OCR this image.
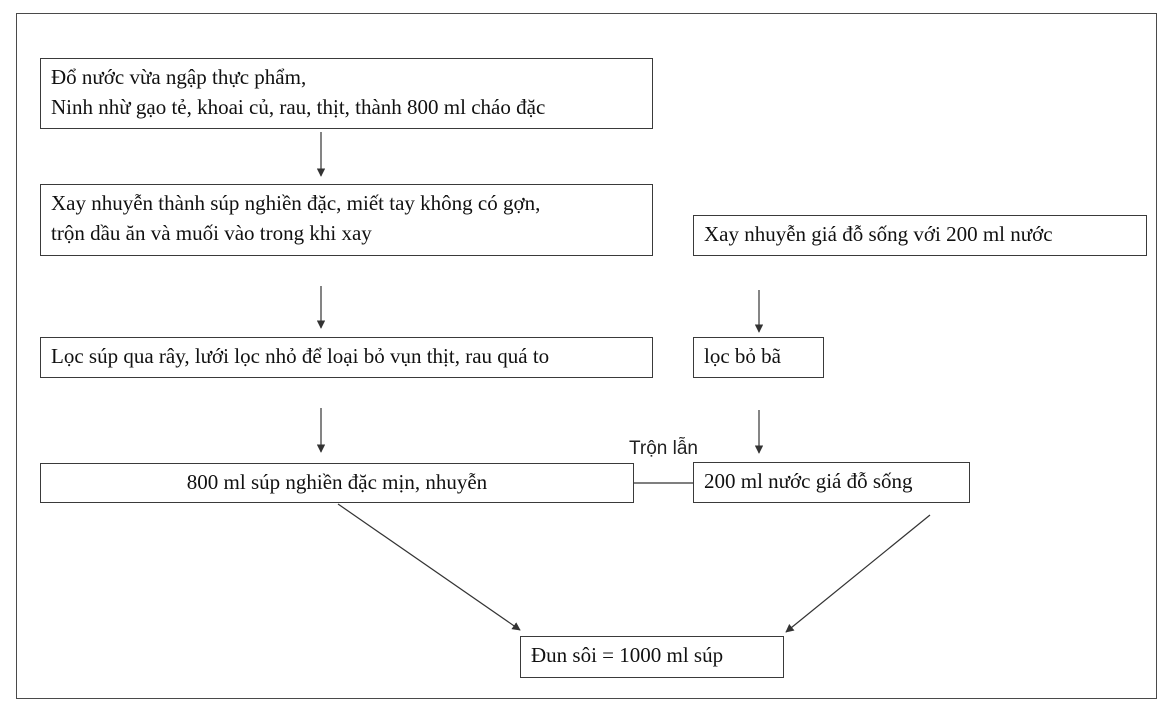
Đổ nước vừa ngập thực phẩm,
Ninh nhừ gạo tẻ, khoai củ, rau, thịt, thành 800 ml cháo đặc
Xay nhuyễn thành súp nghiền đặc, miết tay không có gợn,
trộn dầu ăn và muối vào trong khi xay
Lọc súp qua rây, lưới lọc nhỏ để loại bỏ vụn thịt, rau quá to
800 ml súp nghiền đặc mịn, nhuyễn
Xay nhuyễn giá đỗ sống với 200 ml nước
lọc bỏ bã
200 ml nước giá đỗ sống
Trộn lẫn
Đun sôi = 1000 ml súp
